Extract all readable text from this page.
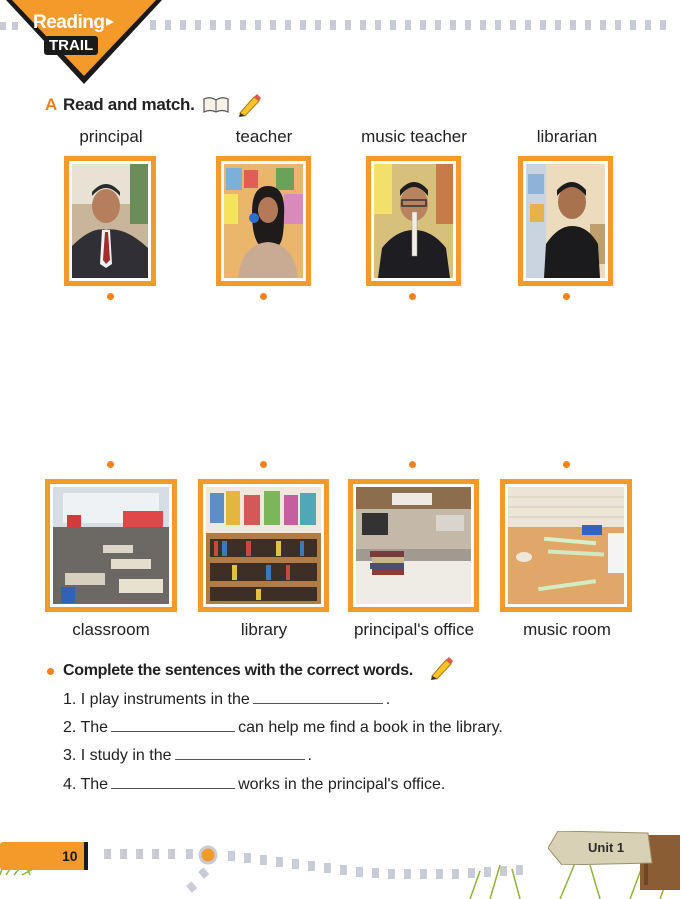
Reading
TRAIL
A Read and match.
principal	teacher	music teacher	librarian
classroom	library	principal's office	music room
Complete the sentences with the correct words.
1. I play instruments in the	.
2. The	can help me find a book in the library.
3. I study in the	.
4. The	works in the principal's office.
10
Unit 1
